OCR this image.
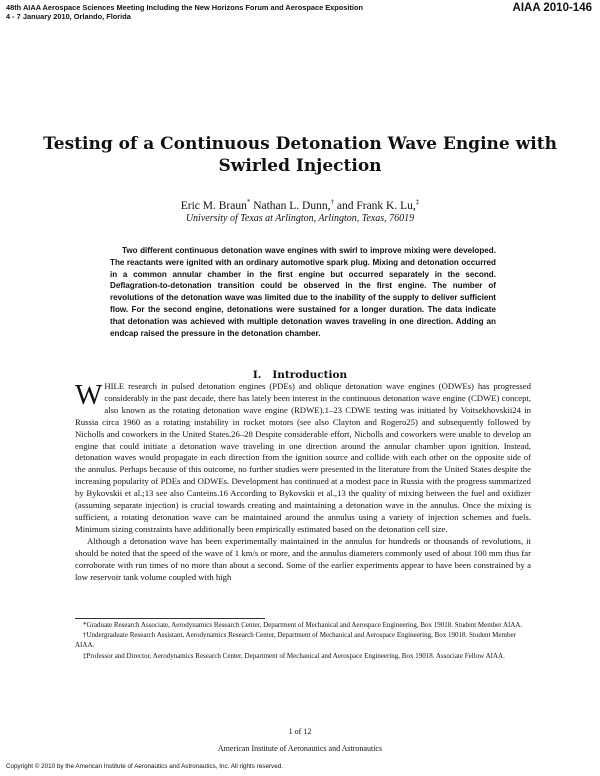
48th AIAA Aerospace Sciences Meeting Including the New Horizons Forum and Aerospace Exposition
4 - 7 January 2010, Orlando, Florida
AIAA 2010-146
Testing of a Continuous Detonation Wave Engine with
Swirled Injection
Eric M. Braun* Nathan L. Dunn,† and Frank K. Lu,‡
University of Texas at Arlington, Arlington, Texas, 76019

Two different continuous detonation wave engines with swirl to improve mixing were developed. The reactants were ignited with an ordinary automotive spark plug. Mixing and detonation occurred in a common annular chamber in the first engine but occurred separately in the second. Deflagration-to-detonation transition could be observed in the first engine. The number of revolutions of the detonation wave was limited due to the inability of the supply to deliver sufficient flow. For the second engine, detonations were sustained for a longer duration. The data indicate that detonation was achieved with multiple detonation waves traveling in one direction. Adding an endcap raised the pressure in the detonation chamber.

I. Introduction

WHILE research in pulsed detonation engines (PDEs) and oblique detonation wave engines (ODWEs) has progressed considerably in the past decade, there has lately been interest in the continuous detonation wave engine (CDWE) concept, also known as the rotating detonation wave engine (RDWE).1–23 CDWE testing was initiated by Voitsekhovskii24 in Russia circa 1960 as a rotating instability in rocket motors (see also Clayton and Rogero25) and subsequently followed by Nicholls and coworkers in the United States.26–28 Despite considerable effort, Nicholls and coworkers were unable to develop an engine that could initiate a detonation wave traveling in one direction around the annular chamber upon ignition. Instead, detonation waves would propagate in each direction from the ignition source and collide with each other on the opposite side of the annulus. Perhaps because of this outcome, no further studies were presented in the literature from the United States despite the increasing popularity of PDEs and ODWEs. Development has continued at a modest pace in Russia with the progress summarized by Bykovskii et al.;13 see also Canteins.16 According to Bykovskii et al.,13 the quality of mixing between the fuel and oxidizer (assuming separate injection) is crucial towards creating and maintaining a detonation wave in the annulus. Once the mixing is sufficient, a rotating detonation wave can be maintained around the annulus using a variety of injection schemes and fuels. Minimum sizing constraints have additionally been empirically estimated based on the detonation cell size.

Although a detonation wave has been experimentally maintained in the annulus for hundreds or thousands of revolutions, it should be noted that the speed of the wave of 1 km/s or more, and the annulus diameters commonly used of about 100 mm thus far corroborate with run times of no more than about a second. Some of the earlier experiments appear to have been constrained by a low reservoir tank volume coupled with high

*Graduate Research Associate, Aerodynamics Research Center, Department of Mechanical and Aerospace Engineering, Box 19018. Student Member AIAA.

†Undergraduate Research Assistant, Aerodynamics Research Center, Department of Mechanical and Aerospace Engineering, Box 19018. Student Member AIAA.

‡Professor and Director, Aerodynamics Research Center, Department of Mechanical and Aerospace Engineering, Box 19018. Associate Fellow AIAA.

1 of 12
American Institute of Aeronautics and Astronautics
Copyright © 2010 by the American Institute of Aeronautics and Astronautics, Inc. All rights reserved.
